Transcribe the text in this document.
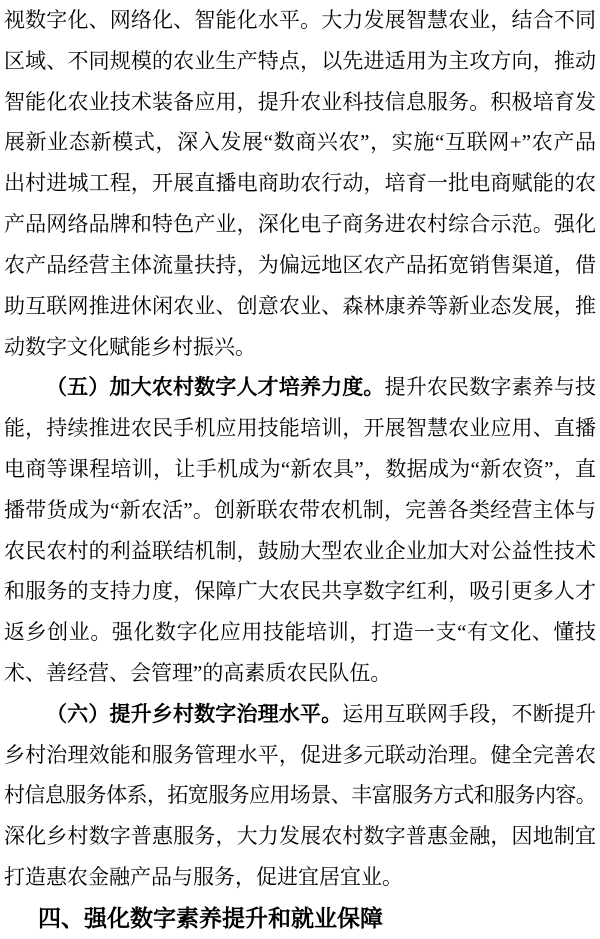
视数字化、网络化、智能化水平。大力发展智慧农业，结合不同
区域、不同规模的农业生产特点，以先进适用为主攻方向，推动
智能化农业技术装备应用，提升农业科技信息服务。积极培育发
展新业态新模式，深入发展“数商兴农”，实施“互联网+”农产品
出村进城工程，开展直播电商助农行动，培育一批电商赋能的农
产品网络品牌和特色产业，深化电子商务进农村综合示范。强化
农产品经营主体流量扶持，为偏远地区农产品拓宽销售渠道，借
助互联网推进休闲农业、创意农业、森林康养等新业态发展，推
动数字文化赋能乡村振兴。
（五）加大农村数字人才培养力度。提升农民数字素养与技
能，持续推进农民手机应用技能培训，开展智慧农业应用、直播
电商等课程培训，让手机成为“新农具”，数据成为“新农资”，直
播带货成为“新农活”。创新联农带农机制，完善各类经营主体与
农民农村的利益联结机制，鼓励大型农业企业加大对公益性技术
和服务的支持力度，保障广大农民共享数字红利，吸引更多人才
返乡创业。强化数字化应用技能培训，打造一支“有文化、懂技
术、善经营、会管理”的高素质农民队伍。
（六）提升乡村数字治理水平。运用互联网手段，不断提升
乡村治理效能和服务管理水平，促进多元联动治理。健全完善农
村信息服务体系，拓宽服务应用场景、丰富服务方式和服务内容。
深化乡村数字普惠服务，大力发展农村数字普惠金融，因地制宜
打造惠农金融产品与服务，促进宜居宜业。
四、强化数字素养提升和就业保障
